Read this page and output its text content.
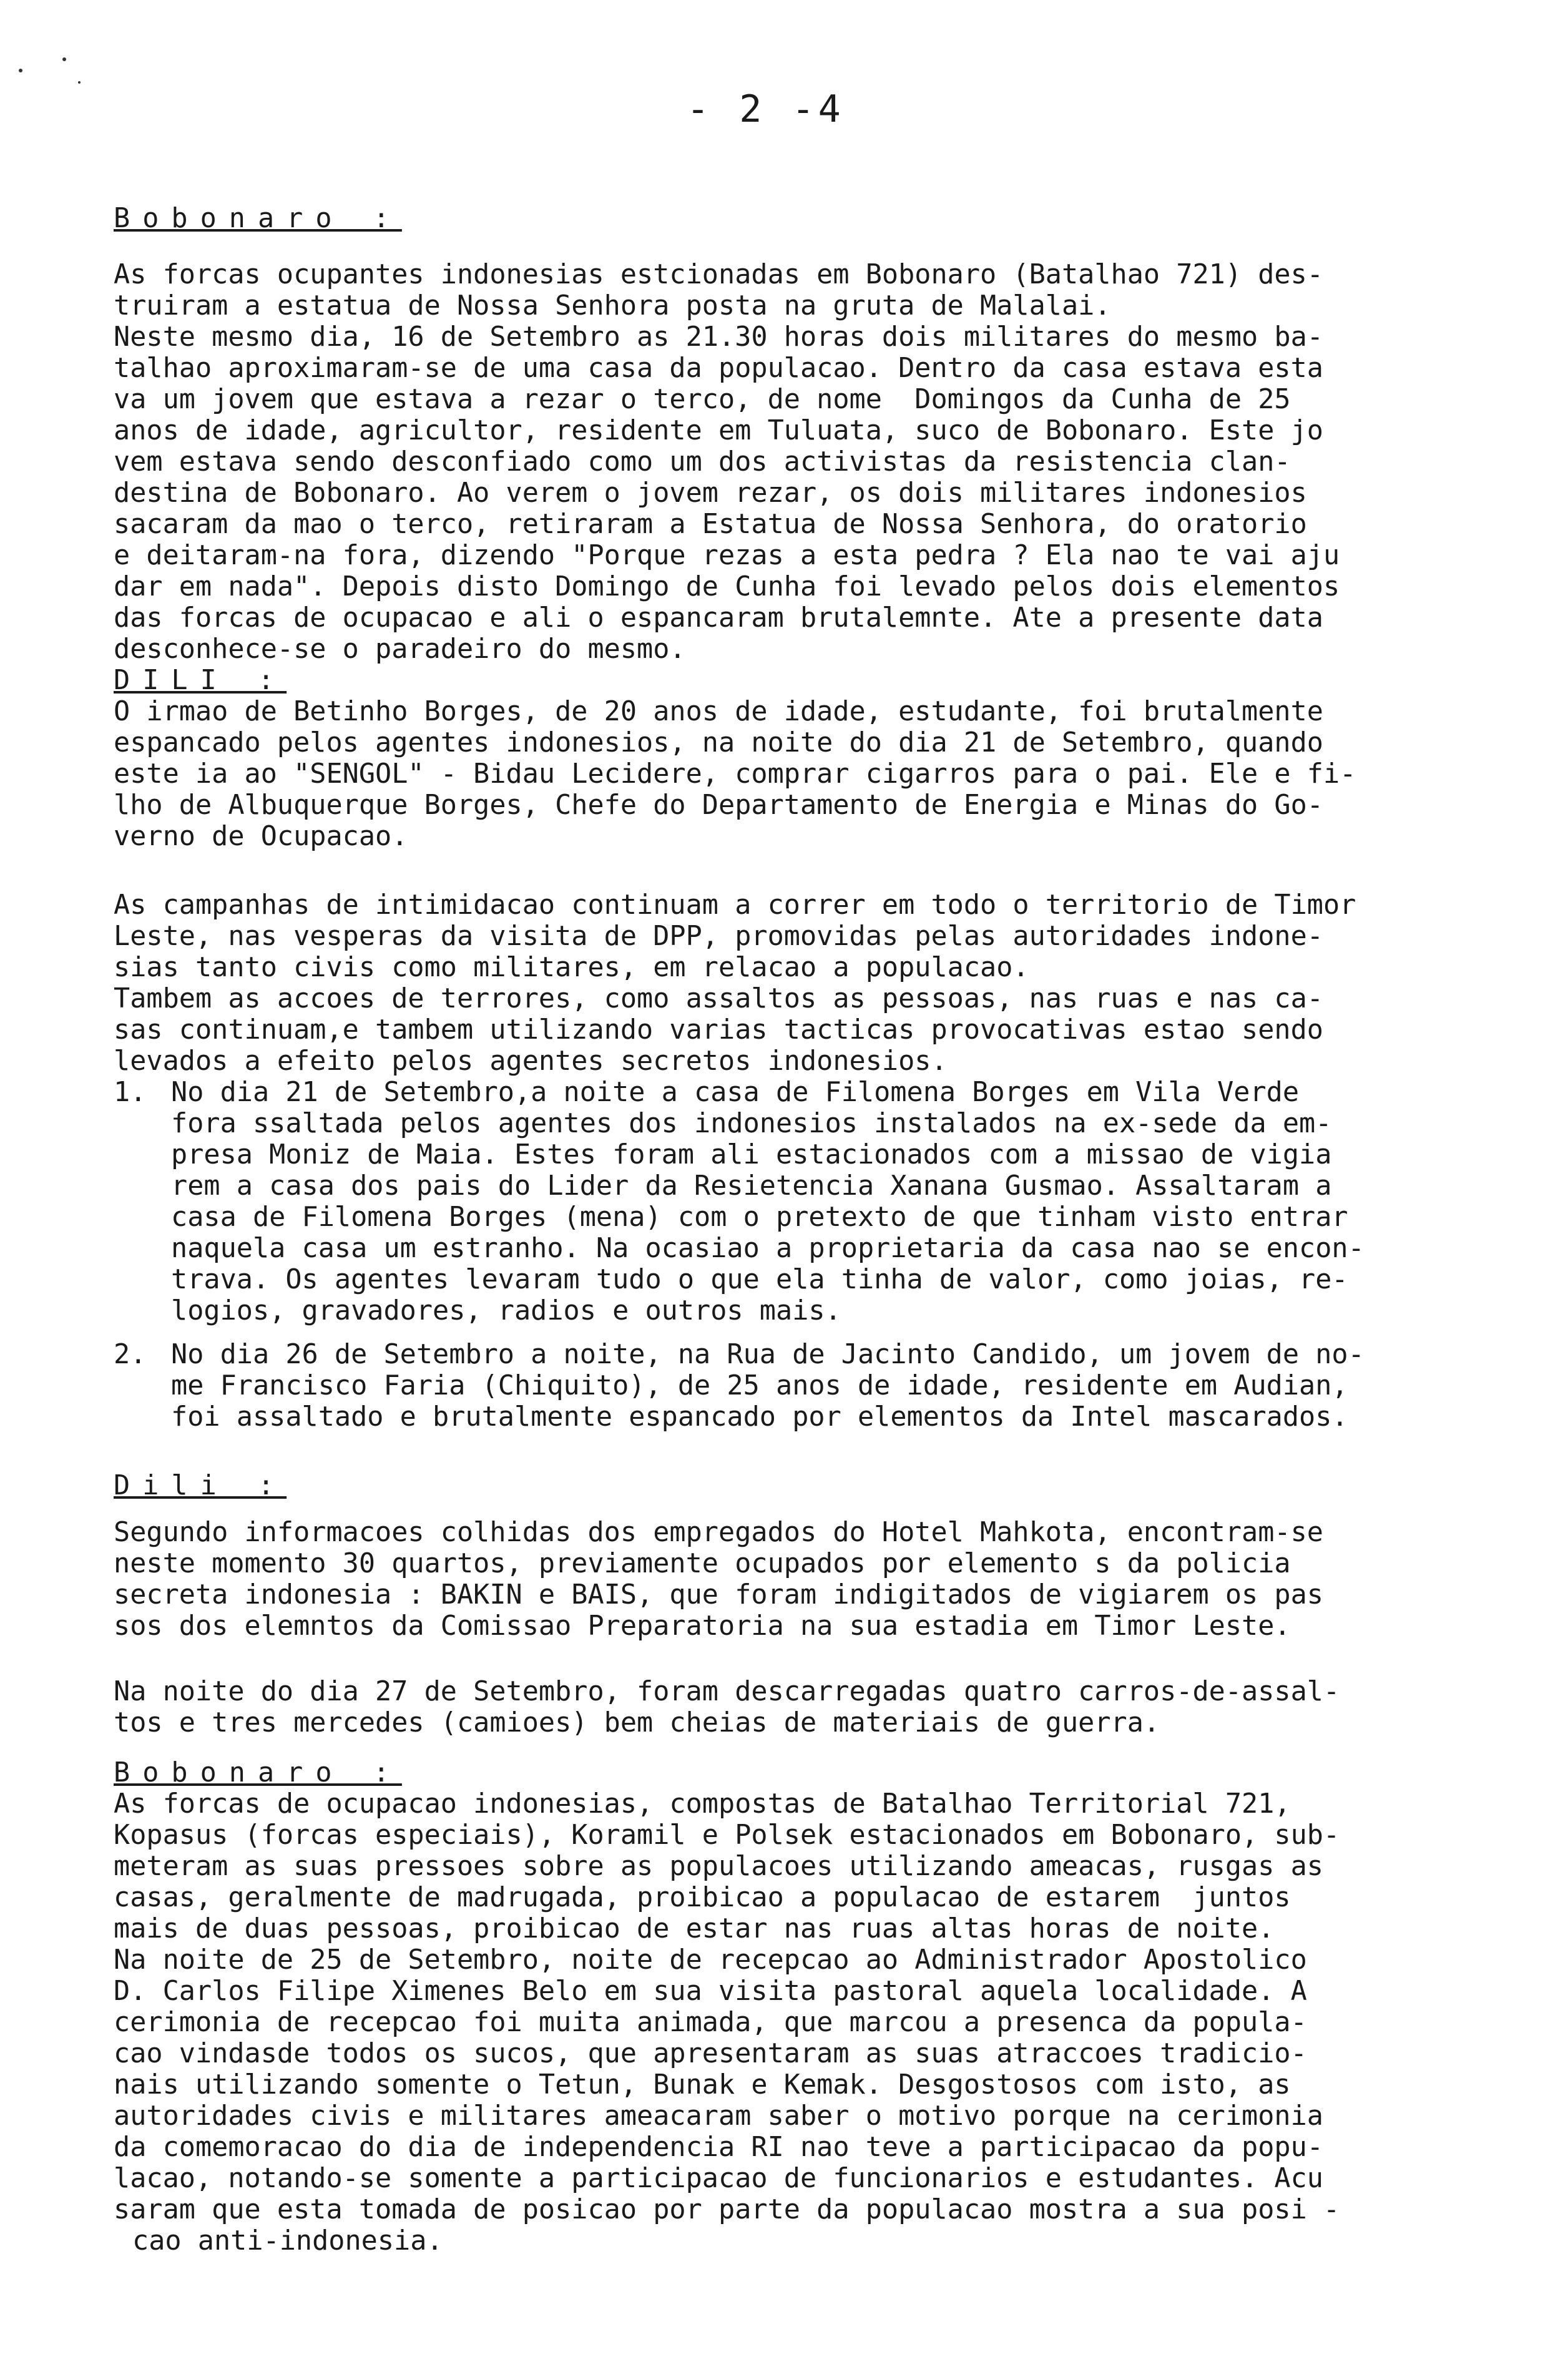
- 2 -4
Bobonaro :
As forcas ocupantes indonesias estcionadas em Bobonaro (Batalhao 721) des-
truiram a estatua de Nossa Senhora posta na gruta de Malalai.
Neste mesmo dia, 16 de Setembro as 21.30 horas dois militares do mesmo ba-
talhao aproximaram-se de uma casa da populacao. Dentro da casa estava esta
va um jovem que estava a rezar o terco, de nome  Domingos da Cunha de 25
anos de idade, agricultor, residente em Tuluata, suco de Bobonaro. Este jo
vem estava sendo desconfiado como um dos activistas da resistencia clan-
destina de Bobonaro. Ao verem o jovem rezar, os dois militares indonesios
sacaram da mao o terco, retiraram a Estatua de Nossa Senhora, do oratorio
e deitaram-na fora, dizendo "Porque rezas a esta pedra ? Ela nao te vai aju
dar em nada". Depois disto Domingo de Cunha foi levado pelos dois elementos
das forcas de ocupacao e ali o espancaram brutalemnte. Ate a presente data
desconhece-se o paradeiro do mesmo.
DILI :
O irmao de Betinho Borges, de 20 anos de idade, estudante, foi brutalmente
espancado pelos agentes indonesios, na noite do dia 21 de Setembro, quando
este ia ao "SENGOL" - Bidau Lecidere, comprar cigarros para o pai. Ele e fi-
lho de Albuquerque Borges, Chefe do Departamento de Energia e Minas do Go-
verno de Ocupacao.
As campanhas de intimidacao continuam a correr em todo o territorio de Timor
Leste, nas vesperas da visita de DPP, promovidas pelas autoridades indone-
sias tanto civis como militares, em relacao a populacao.
Tambem as accoes de terrores, como assaltos as pessoas, nas ruas e nas ca-
sas continuam,e tambem utilizando varias tacticas provocativas estao sendo
levados a efeito pelos agentes secretos indonesios.
1. No dia 21 de Setembro,a noite a casa de Filomena Borges em Vila Verde
fora ssaltada pelos agentes dos indonesios instalados na ex-sede da em-
presa Moniz de Maia. Estes foram ali estacionados com a missao de vigia
rem a casa dos pais do Lider da Resietencia Xanana Gusmao. Assaltaram a
casa de Filomena Borges (mena) com o pretexto de que tinham visto entrar
naquela casa um estranho. Na ocasiao a proprietaria da casa nao se encon-
trava. Os agentes levaram tudo o que ela tinha de valor, como joias, re-
logios, gravadores, radios e outros mais.
2. No dia 26 de Setembro a noite, na Rua de Jacinto Candido, um jovem de no-
me Francisco Faria (Chiquito), de 25 anos de idade, residente em Audian,
foi assaltado e brutalmente espancado por elementos da Intel mascarados.
Dili :
Segundo informacoes colhidas dos empregados do Hotel Mahkota, encontram-se
neste momento 30 quartos, previamente ocupados por elemento s da policia
secreta indonesia : BAKIN e BAIS, que foram indigitados de vigiarem os pas
sos dos elemntos da Comissao Preparatoria na sua estadia em Timor Leste.
Na noite do dia 27 de Setembro, foram descarregadas quatro carros-de-assal-
tos e tres mercedes (camioes) bem cheias de materiais de guerra.
Bobonaro :
As forcas de ocupacao indonesias, compostas de Batalhao Territorial 721,
Kopasus (forcas especiais), Koramil e Polsek estacionados em Bobonaro, sub-
meteram as suas pressoes sobre as populacoes utilizando ameacas, rusgas as
casas, geralmente de madrugada, proibicao a populacao de estarem  juntos
mais de duas pessoas, proibicao de estar nas ruas altas horas de noite.
Na noite de 25 de Setembro, noite de recepcao ao Administrador Apostolico
D. Carlos Filipe Ximenes Belo em sua visita pastoral aquela localidade. A
cerimonia de recepcao foi muita animada, que marcou a presenca da popula-
cao vindasde todos os sucos, que apresentaram as suas atraccoes tradicio-
nais utilizando somente o Tetun, Bunak e Kemak. Desgostosos com isto, as
autoridades civis e militares ameacaram saber o motivo porque na cerimonia
da comemoracao do dia de independencia RI nao teve a participacao da popu-
lacao, notando-se somente a participacao de funcionarios e estudantes. Acu
saram que esta tomada de posicao por parte da populacao mostra a sua posi -
cao anti-indonesia.
